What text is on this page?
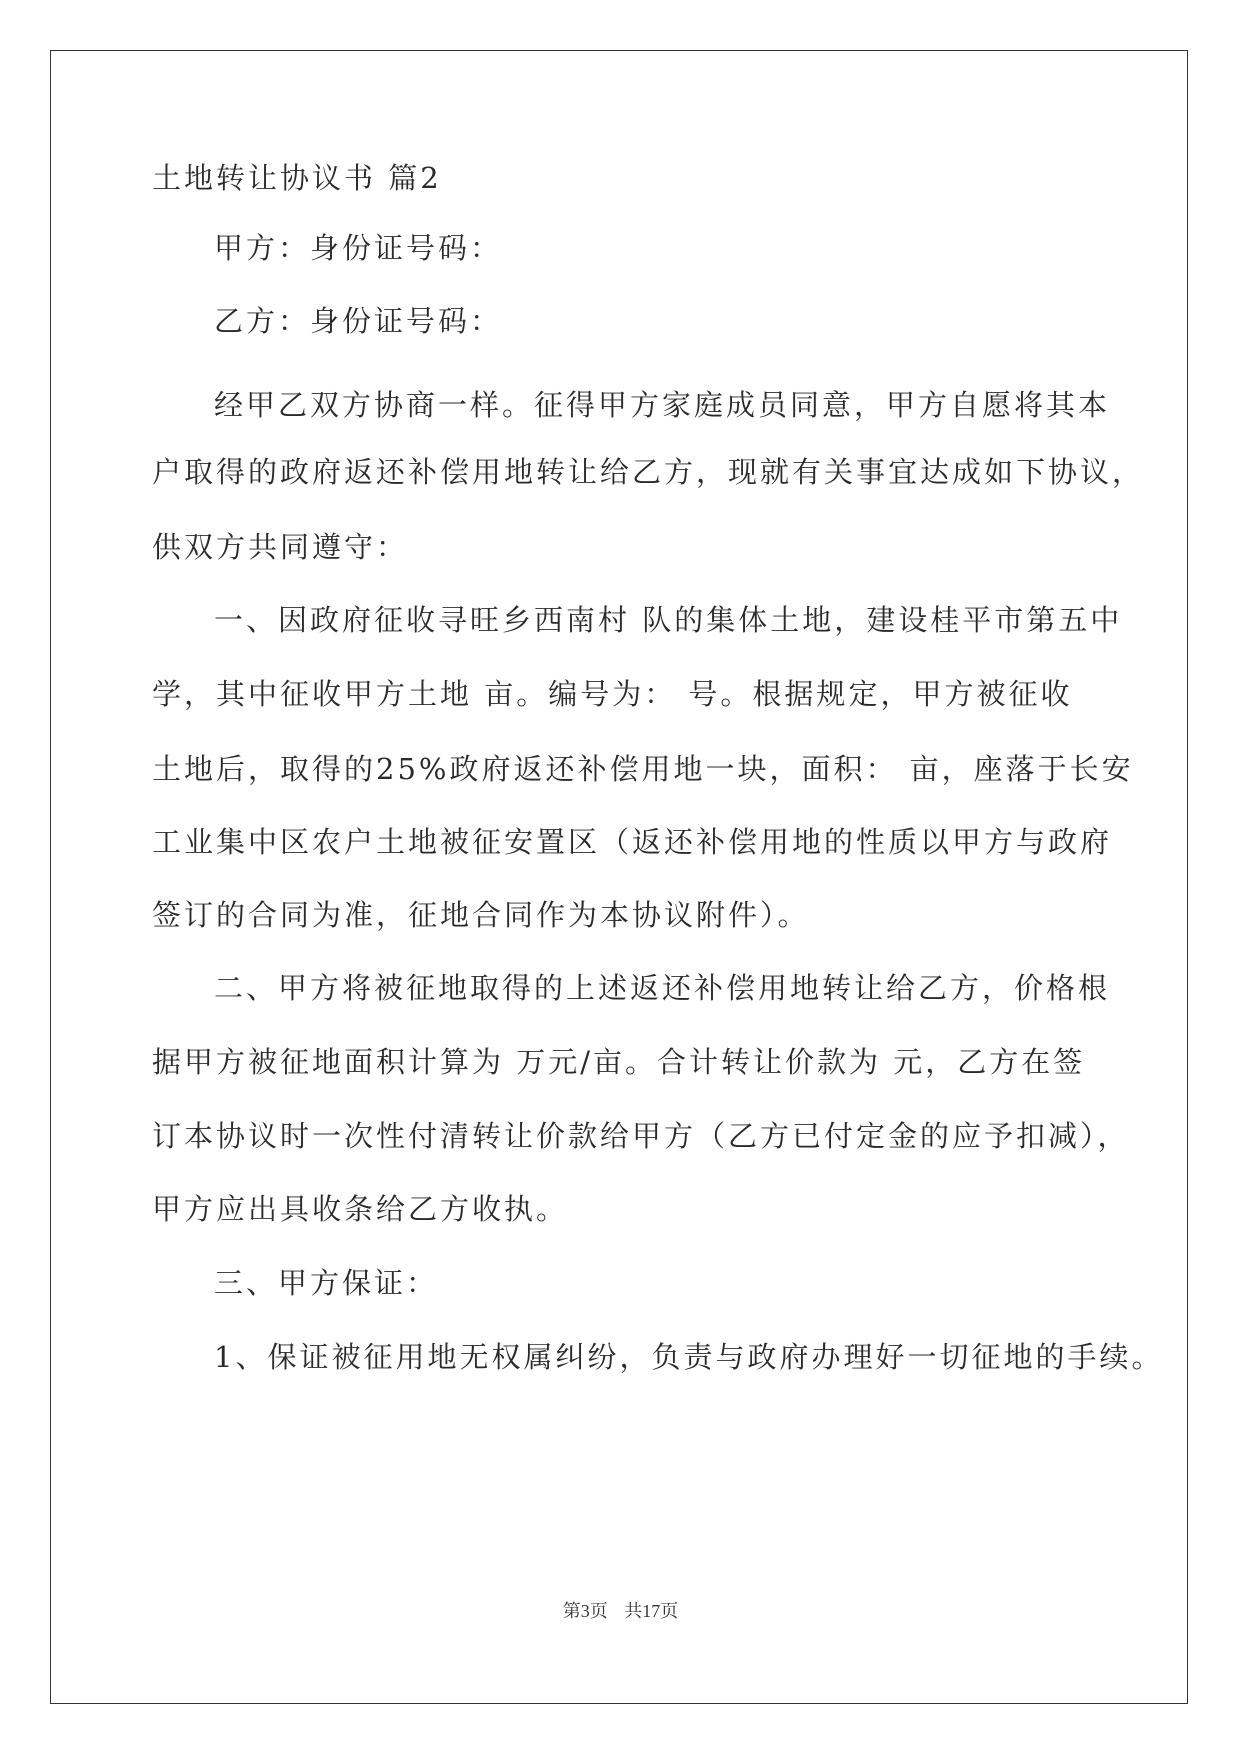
土地转让协议书 篇2

甲方：身份证号码：

乙方：身份证号码：

经甲乙双方协商一样。征得甲方家庭成员同意，甲方自愿将其本

户取得的政府返还补偿用地转让给乙方，现就有关事宜达成如下协议，

供双方共同遵守：

一、因政府征收寻旺乡西南村 队的集体土地，建设桂平市第五中

学，其中征收甲方土地 亩。编号为： 号。根据规定，甲方被征收

土地后，取得的25%政府返还补偿用地一块，面积： 亩，座落于长安

工业集中区农户土地被征安置区（返还补偿用地的性质以甲方与政府

签订的合同为准，征地合同作为本协议附件）。

二、甲方将被征地取得的上述返还补偿用地转让给乙方，价格根

据甲方被征地面积计算为 万元/亩。合计转让价款为 元，乙方在签

订本协议时一次性付清转让价款给甲方（乙方已付定金的应予扣减），

甲方应出具收条给乙方收执。

三、甲方保证：

1、保证被征用地无权属纠纷，负责与政府办理好一切征地的手续。

第3页 共17页
